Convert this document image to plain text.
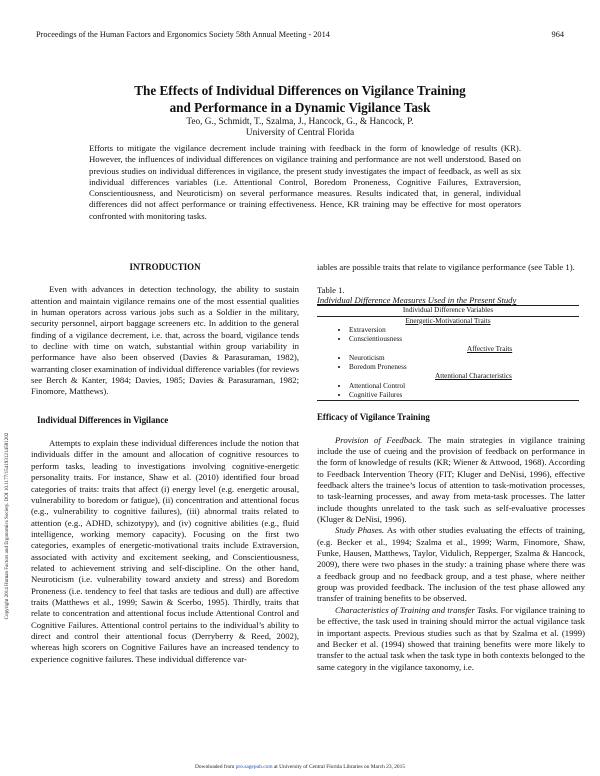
Proceedings of the Human Factors and Ergonomics Society 58th Annual Meeting - 2014	964
The Effects of Individual Differences on Vigilance Training
and Performance in a Dynamic Vigilance Task
Teo, G., Schmidt, T., Szalma, J., Hancock, G., & Hancock, P.
University of Central Florida
Efforts to mitigate the vigilance decrement include training with feedback in the form of knowledge of results (KR). However, the influences of individual differences on vigilance training and performance are not well understood. Based on previous studies on individual differences in vigilance, the present study investigates the impact of feedback, as well as six individual differences variables (i.e. Attentional Control, Boredom Proneness, Cognitive Failures, Extraversion, Conscientiousness, and Neuroticism) on several performance measures. Results indicated that, in general, individual differences did not affect performance or training effectiveness. Hence, KR training may be effective for most operators confronted with monitoring tasks.
INTRODUCTION

Even with advances in detection technology, the ability to sustain attention and maintain vigilance remains one of the most essential qualities in human operators across various jobs such as a Soldier in the military, security personnel, airport baggage screeners etc. In addition to the general finding of a vigilance decrement, i.e. that, across the board, vigilance tends to decline with time on watch, substantial within group variability in performance have also been observed (Davies & Parasuraman, 1982), warranting closer examination of individual difference variables (for reviews see Berch & Kanter, 1984; Davies, 1985; Davies & Parasuraman, 1982; Finomore, Matthews).

Individual Differences in Vigilance

Attempts to explain these individual differences include the notion that individuals differ in the amount and allocation of cognitive resources to perform tasks, leading to investigations involving cognitive-energetic personality traits. For instance, Shaw et al. (2010) identified four broad categories of traits: traits that affect (i) energy level (e.g. energetic arousal, vulnerability to boredom or fatigue), (ii) concentration and attentional focus (e.g., vulnerability to cognitive failures), (iii) abnormal traits related to attention (e.g., ADHD, schizotypy), and (iv) cognitive abilities (e.g., fluid intelligence, working memory capacity). Focusing on the first two categories, examples of energetic-motivational traits include Extraversion, associated with activity and excitement seeking, and Conscientiousness, related to achievement striving and self-discipline. On the other hand, Neuroticism (i.e. vulnerability toward anxiety and stress) and Boredom Proneness (i.e. tendency to feel that tasks are tedious and dull) are affective traits (Matthews et al., 1999; Sawin & Scerbo, 1995). Thirdly, traits that relate to concentration and attentional focus include Attentional Control and Cognitive Failures. Attentional control pertains to the individual’s ability to direct and control their attentional focus (Derryberry & Reed, 2002), whereas high scorers on Cognitive Failures have an increased tendency to experience cognitive failures. These individual difference var-

iables are possible traits that relate to vigilance performance (see Table 1).

Table 1.
Individual Difference Measures Used in the Present Study
Individual Difference Variables
Energetic-Motivational Traits
• Extraversion
• Conscientiousness
Affective Traits
• Neuroticism
• Boredom Proneness
Attentional Characteristics
• Attentional Control
• Cognitive Failures
Efficacy of Vigilance Training

Provision of Feedback. The main strategies in vigilance training include the use of cueing and the provision of feedback on performance in the form of knowledge of results (KR; Wiener & Attwood, 1968). According to Feedback Intervention Theory (FIT; Kluger and DeNisi, 1996), effective feedback alters the trainee’s locus of attention to task-motivation processes, to task-learning processes, and away from meta-task processes. The latter include thoughts unrelated to the task such as self-evaluative processes (Kluger & DeNisi, 1996).

Study Phases. As with other studies evaluating the effects of training, (e.g. Becker et al., 1994; Szalma et al., 1999; Warm, Finomore, Shaw, Funke, Hausen, Matthews, Taylor, Vidulich, Repperger, Szalma & Hancock, 2009), there were two phases in the study: a training phase where there was a feedback group and no feedback group, and a test phase, where neither group was provided feedback. The inclusion of the test phase allowed any transfer of training benefits to be observed.

Characteristics of Training and transfer Tasks. For vigilance training to be effective, the task used in training should mirror the actual vigilance task in important aspects. Previous studies such as that by Szalma et al. (1999) and Becker et al. (1994) showed that training benefits were more likely to transfer to the actual task when the task type in both contexts belonged to the same category in the vigilance taxonomy, i.e.

Copyright 2014 Human Factors and Ergonomics Society. DOI 10.1177/1541931214581202
Downloaded from pro.sagepub.com at University of Central Florida Libraries on March 23, 2015
